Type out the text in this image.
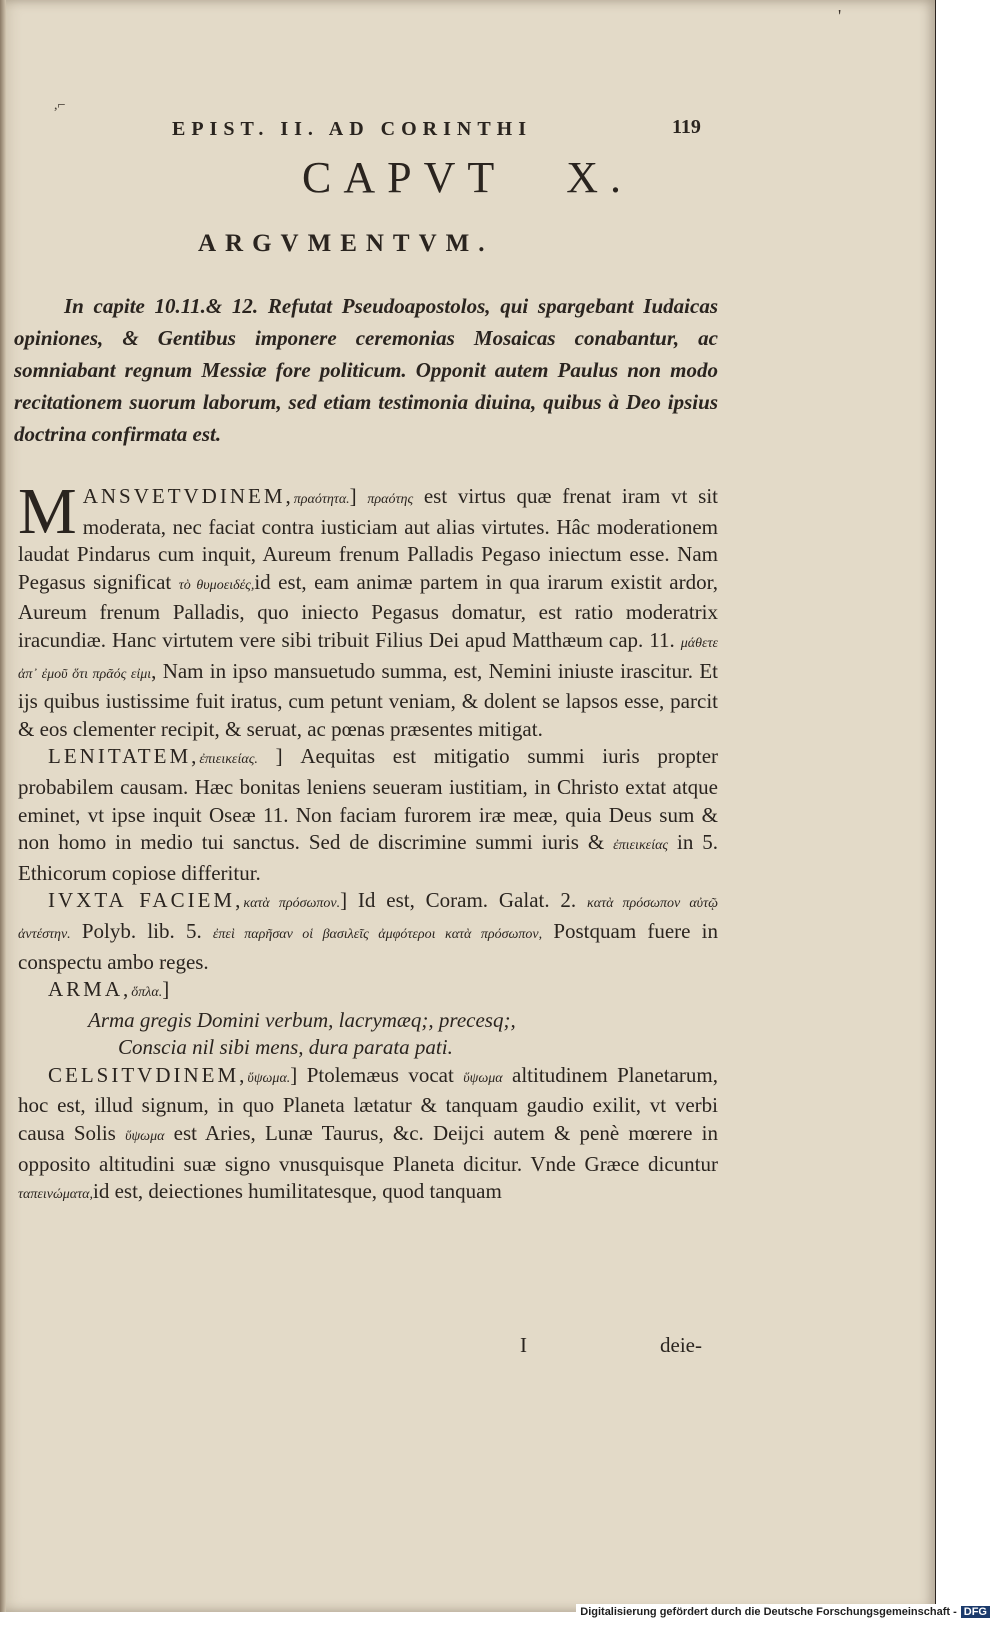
'
,⌐
EPIST. II. AD CORINTHI	119
CAPVT X.
ARGVMENTVM.
In capite 10.11.& 12. Refutat Pseudoapostolos, qui spargebant Iudaicas opiniones, & Gentibus imponere ceremonias Mosaicas conabantur, ac somniabant regnum Messiæ fore politicum. Opponit autem Paulus non modo recitationem suorum laborum, sed etiam testimonia diuina, quibus à Deo ipsius doctrina confirmata est.

MANSVETVDINEM,πραότητα.] πραότης est virtus quæ frenat iram vt sit moderata, nec faciat contra iusticiam aut alias virtutes. Hâc moderationem laudat Pindarus cum inquit, Aureum frenum Palladis Pegaso iniectum esse. Nam Pegasus significat τὸ θυμοειδές,id est, eam animæ partem in qua irarum existit ardor, Aureum frenum Palladis, quo iniecto Pegasus domatur, est ratio moderatrix iracundiæ. Hanc virtutem vere sibi tribuit Filius Dei apud Matthæum cap. 11. μάθετε ἀπ᾽ ἐμοῦ ὅτι πρᾶός εἰμι, Nam in ipso mansuetudo summa, est, Nemini iniuste irascitur. Et ijs quibus iustissime fuit iratus, cum petunt veniam, & dolent se lapsos esse, parcit & eos clementer recipit, & seruat, ac pœnas præsentes mitigat.

LENITATEM,ἐπιεικείας. ] Aequitas est mitigatio summi iuris propter probabilem causam. Hæc bonitas leniens seueram iustitiam, in Christo extat atque eminet, vt ipse inquit Oseæ 11. Non faciam furorem iræ meæ, quia Deus sum & non homo in medio tui sanctus. Sed de discrimine summi iuris & ἐπιεικείας in 5. Ethicorum copiose differitur.

IVXTA FACIEM,κατὰ πρόσωπον.] Id est, Coram. Galat. 2. κατὰ πρόσωπον αὐτῷ ἀντέστην. Polyb. lib. 5. ἐπεὶ παρῆσαν οἱ βασιλεῖς ἀμφότεροι κατὰ πρόσωπον, Postquam fuere in conspectu ambo reges.

ARMA,ὅπλα.]

Arma gregis Domini verbum, lacrymæq;, precesq;,

Conscia nil sibi mens, dura parata pati.

CELSITVDINEM,ὕψωμα.] Ptolemæus vocat ὕψωμα altitudinem Planetarum, hoc est, illud signum, in quo Planeta lætatur & tanquam gaudio exilit, vt verbi causa Solis ὕψωμα est Aries, Lunæ Taurus, &c. Deijci autem & penè mœrere in opposito altitudini suæ signo vnusquisque Planeta dicitur. Vnde Græce dicuntur ταπεινώματα,id est, deiectiones humilitatesque, quod tanquam

I	deie-
Digitalisierung gefördert durch die Deutsche Forschungsgemeinschaft - DFG
